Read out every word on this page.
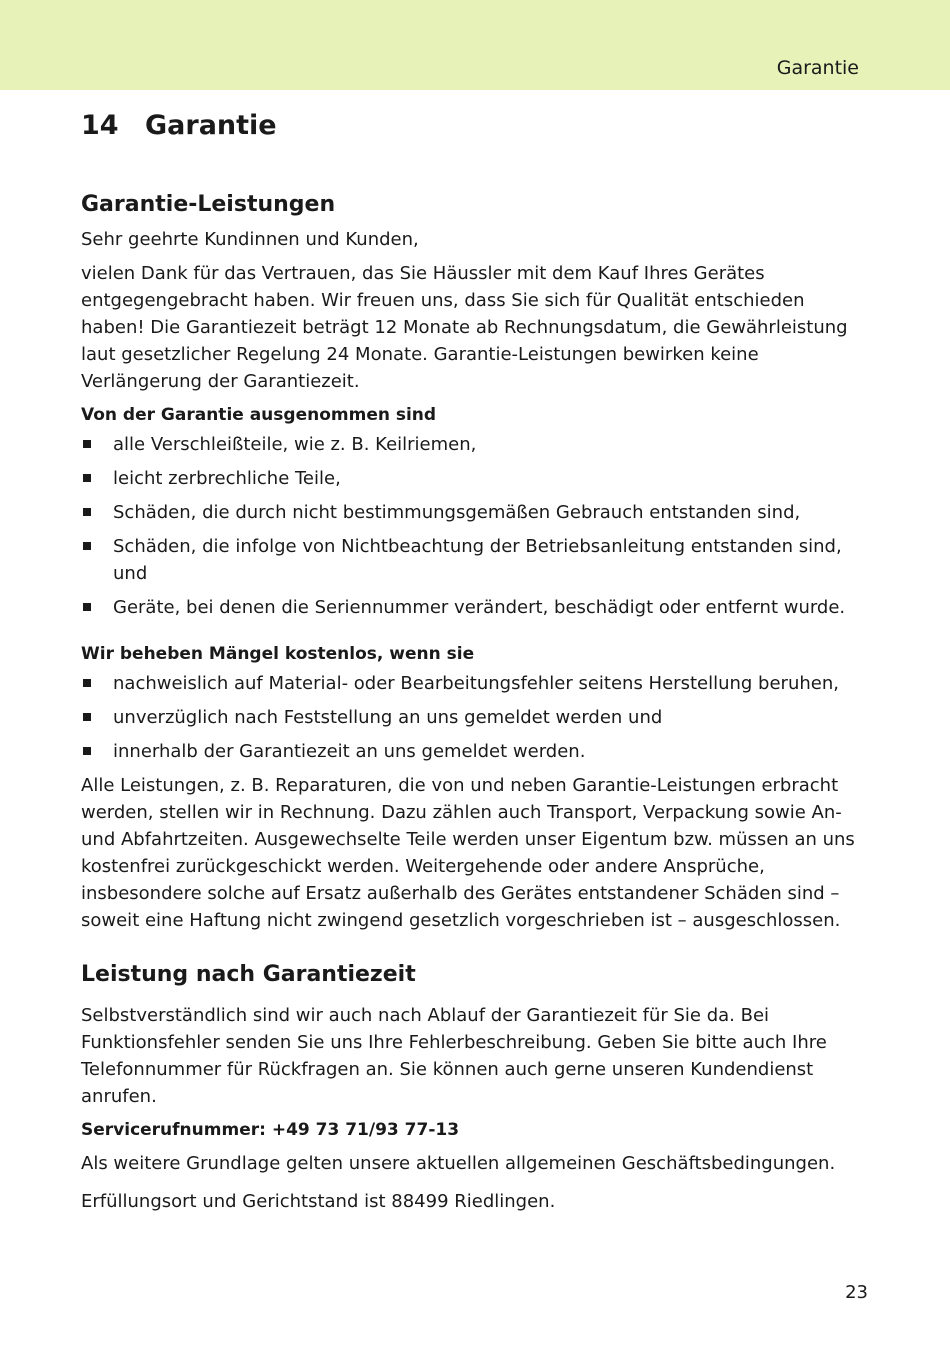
Garantie
14 Garantie
Garantie-Leistungen

Sehr geehrte Kundinnen und Kunden,

vielen Dank für das Vertrauen, das Sie Häussler mit dem Kauf Ihres Gerätes entgegengebracht haben. Wir freuen uns, dass Sie sich für Qualität entschieden haben! Die Garantiezeit beträgt 12 Monate ab Rechnungsdatum, die Gewährleistung laut gesetzlicher Regelung 24 Monate. Garantie-Leistungen bewirken keine Verlängerung der Garantiezeit.

Von der Garantie ausgenommen sind

alle Verschleißteile, wie z. B. Keilriemen,
leicht zerbrechliche Teile,
Schäden, die durch nicht bestimmungsgemäßen Gebrauch entstanden sind,
Schäden, die infolge von Nichtbeachtung der Betriebsanleitung entstanden sind, und
Geräte, bei denen die Seriennummer verändert, beschädigt oder entfernt wurde.

Wir beheben Mängel kostenlos, wenn sie

nachweislich auf Material- oder Bearbeitungsfehler seitens Herstellung beruhen,
unverzüglich nach Feststellung an uns gemeldet werden und
innerhalb der Garantiezeit an uns gemeldet werden.

Alle Leistungen, z. B. Reparaturen, die von und neben Garantie-Leistungen erbracht werden, stellen wir in Rechnung. Dazu zählen auch Transport, Verpackung sowie An- und Abfahrtzeiten. Ausgewechselte Teile werden unser Eigentum bzw. müssen an uns kostenfrei zurückgeschickt werden. Weitergehende oder andere Ansprüche, insbesondere solche auf Ersatz außerhalb des Gerätes entstandener Schäden sind – soweit eine Haftung nicht zwingend gesetzlich vorgeschrieben ist – ausgeschlossen.

Leistung nach Garantiezeit

Selbstverständlich sind wir auch nach Ablauf der Garantiezeit für Sie da. Bei Funktionsfehler senden Sie uns Ihre Fehlerbeschreibung. Geben Sie bitte auch Ihre Telefonnummer für Rückfragen an. Sie können auch gerne unseren Kundendienst anrufen.

Servicerufnummer: +49 73 71/93 77-13

Als weitere Grundlage gelten unsere aktuellen allgemeinen Geschäftsbedingungen.

Erfüllungsort und Gerichtstand ist 88499 Riedlingen.

23
